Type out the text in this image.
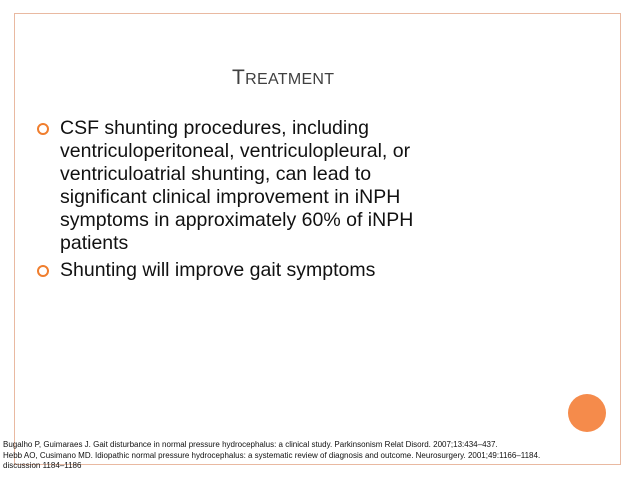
TREATMENT
CSF shunting procedures, including ventriculoperitoneal, ventriculopleural, or ventriculoatrial shunting, can lead to significant clinical improvement in iNPH symptoms in approximately 60% of iNPH patients
Shunting will improve gait symptoms
Bugalho P, Guimaraes J. Gait disturbance in normal pressure hydrocephalus: a clinical study. Parkinsonism Relat Disord. 2007;13:434–437.
Hebb AO, Cusimano MD. Idiopathic normal pressure hydrocephalus: a systematic review of diagnosis and outcome. Neurosurgery. 2001;49:1166–1184. discussion 1184–1186
